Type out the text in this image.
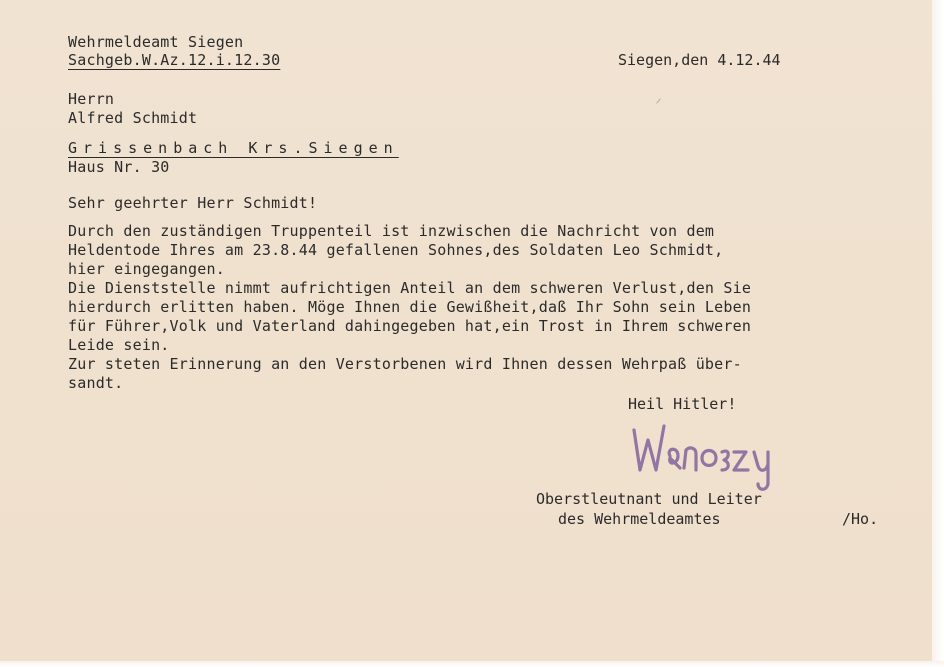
Wehrmeldeamt Siegen
Sachgeb.W.Az.12.i.12.30	Siegen,den 4.12.44
Herrn
Alfred Schmidt
Grissenbach Krs.Siegen
Haus Nr. 30
Sehr geehrter Herr Schmidt!
Durch den zuständigen Truppenteil ist inzwischen die Nachricht von dem
Heldentode Ihres am 23.8.44 gefallenen Sohnes,des Soldaten Leo Schmidt,
hier eingegangen.
Die Dienststelle nimmt aufrichtigen Anteil an dem schweren Verlust,den Sie
hierdurch erlitten haben. Möge Ihnen die Gewißheit,daß Ihr Sohn sein Leben
für Führer,Volk und Vaterland dahingegeben hat,ein Trost in Ihrem schweren
Leide sein.
Zur steten Erinnerung an den Verstorbenen wird Ihnen dessen Wehrpaß über-
sandt.
Heil Hitler!
Oberstleutnant und Leiter
des Wehrmeldeamtes	/Ho.
